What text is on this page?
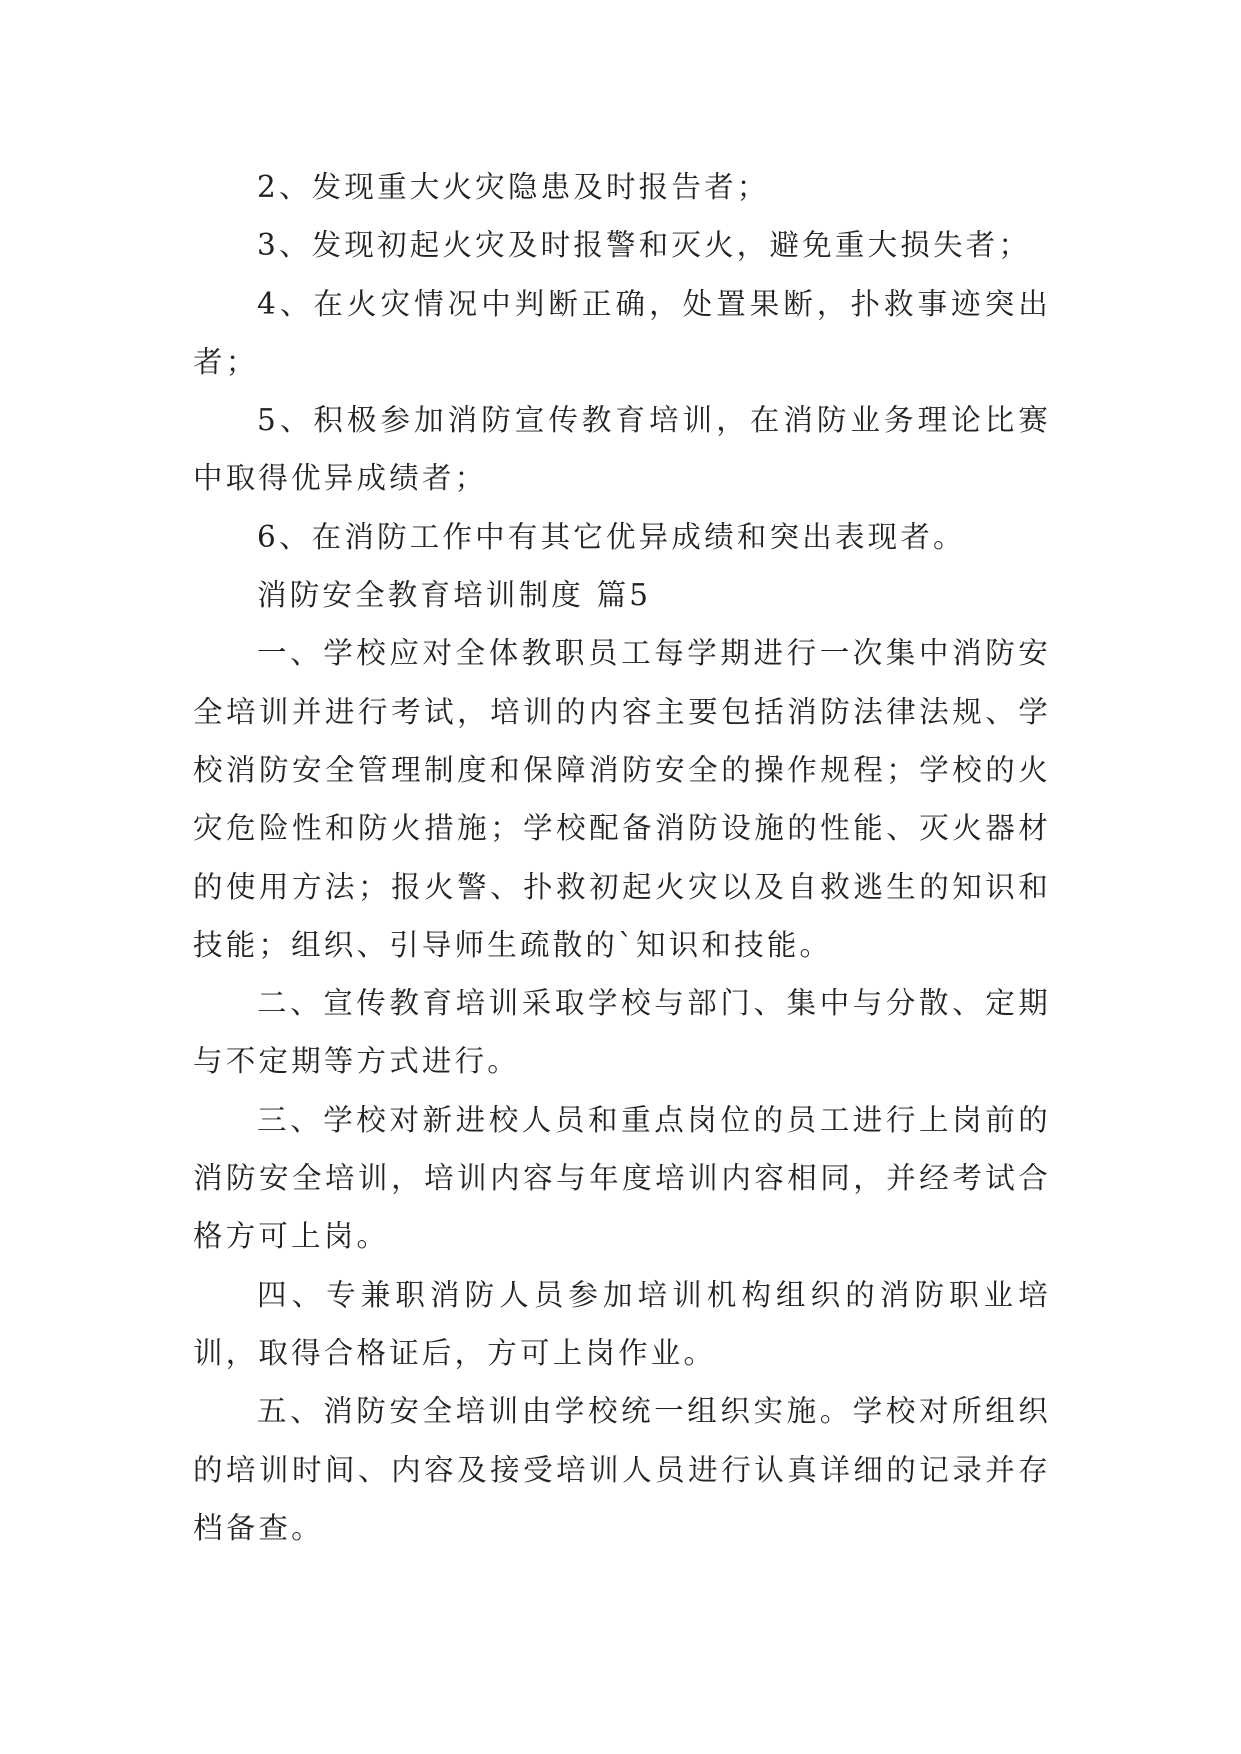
2、发现重大火灾隐患及时报告者；

3、发现初起火灾及时报警和灭火，避免重大损失者；

4、在火灾情况中判断正确，处置果断，扑救事迹突出者；

5、积极参加消防宣传教育培训，在消防业务理论比赛中取得优异成绩者；

6、在消防工作中有其它优异成绩和突出表现者。

消防安全教育培训制度 篇5

一、学校应对全体教职员工每学期进行一次集中消防安全培训并进行考试，培训的内容主要包括消防法律法规、学校消防安全管理制度和保障消防安全的操作规程；学校的火灾危险性和防火措施；学校配备消防设施的性能、灭火器材的使用方法；报火警、扑救初起火灾以及自救逃生的知识和技能；组织、引导师生疏散的`知识和技能。

二、宣传教育培训采取学校与部门、集中与分散、定期与不定期等方式进行。

三、学校对新进校人员和重点岗位的员工进行上岗前的消防安全培训，培训内容与年度培训内容相同，并经考试合格方可上岗。

四、专兼职消防人员参加培训机构组织的消防职业培训，取得合格证后，方可上岗作业。

五、消防安全培训由学校统一组织实施。学校对所组织的培训时间、内容及接受培训人员进行认真详细的记录并存档备查。
